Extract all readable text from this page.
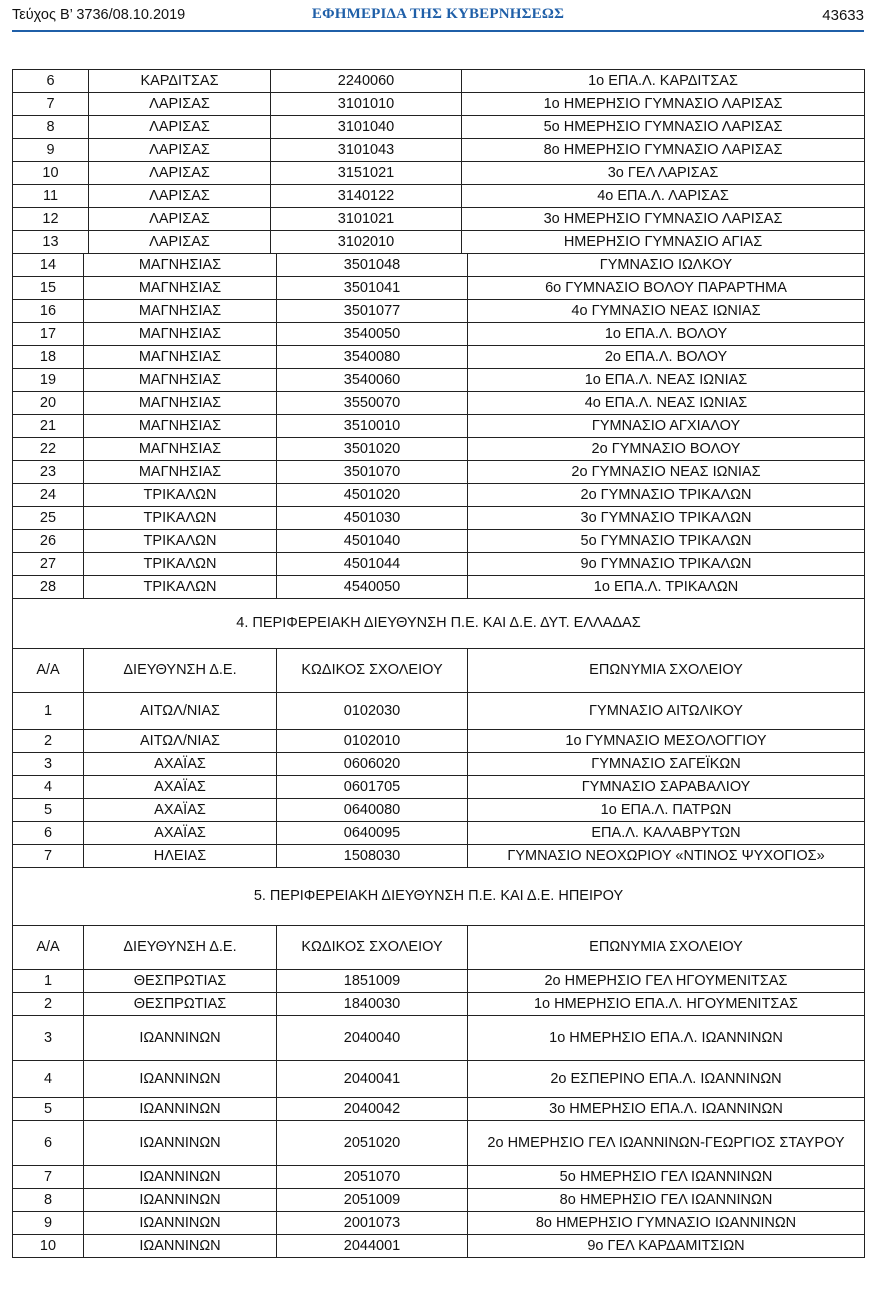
Τεύχος Β’ 3736/08.10.2019	ΕΦΗΜΕΡΙΔΑ ΤΗΣ ΚΥΒΕΡΝΗΣΕΩΣ	43633
6	ΚΑΡΔΙΤΣΑΣ	2240060	1ο ΕΠΑ.Λ. ΚΑΡΔΙΤΣΑΣ
7	ΛΑΡΙΣΑΣ	3101010	1ο ΗΜΕΡΗΣΙΟ ΓΥΜΝΑΣΙΟ ΛΑΡΙΣΑΣ
8	ΛΑΡΙΣΑΣ	3101040	5ο ΗΜΕΡΗΣΙΟ ΓΥΜΝΑΣΙΟ ΛΑΡΙΣΑΣ
9	ΛΑΡΙΣΑΣ	3101043	8ο ΗΜΕΡΗΣΙΟ ΓΥΜΝΑΣΙΟ ΛΑΡΙΣΑΣ
10	ΛΑΡΙΣΑΣ	3151021	3ο ΓΕΛ ΛΑΡΙΣΑΣ
11	ΛΑΡΙΣΑΣ	3140122	4ο ΕΠΑ.Λ. ΛΑΡΙΣΑΣ
12	ΛΑΡΙΣΑΣ	3101021	3ο ΗΜΕΡΗΣΙΟ ΓΥΜΝΑΣΙΟ ΛΑΡΙΣΑΣ
13	ΛΑΡΙΣΑΣ	3102010	ΗΜΕΡΗΣΙΟ ΓΥΜΝΑΣΙΟ ΑΓΙΑΣ
14	ΜΑΓΝΗΣΙΑΣ	3501048	ΓΥΜΝΑΣΙΟ ΙΩΛΚΟΥ
15	ΜΑΓΝΗΣΙΑΣ	3501041	6ο ΓΥΜΝΑΣΙΟ ΒΟΛΟΥ ΠΑΡΑΡΤΗΜΑ
16	ΜΑΓΝΗΣΙΑΣ	3501077	4ο ΓΥΜΝΑΣΙΟ ΝΕΑΣ ΙΩΝΙΑΣ
17	ΜΑΓΝΗΣΙΑΣ	3540050	1ο ΕΠΑ.Λ. ΒΟΛΟΥ
18	ΜΑΓΝΗΣΙΑΣ	3540080	2ο ΕΠΑ.Λ. ΒΟΛΟΥ
19	ΜΑΓΝΗΣΙΑΣ	3540060	1ο ΕΠΑ.Λ. ΝΕΑΣ ΙΩΝΙΑΣ
20	ΜΑΓΝΗΣΙΑΣ	3550070	4ο ΕΠΑ.Λ. ΝΕΑΣ ΙΩΝΙΑΣ
21	ΜΑΓΝΗΣΙΑΣ	3510010	ΓΥΜΝΑΣΙΟ ΑΓΧΙΑΛΟΥ
22	ΜΑΓΝΗΣΙΑΣ	3501020	2ο ΓΥΜΝΑΣΙΟ ΒΟΛΟΥ
23	ΜΑΓΝΗΣΙΑΣ	3501070	2ο ΓΥΜΝΑΣΙΟ ΝΕΑΣ ΙΩΝΙΑΣ
24	ΤΡΙΚΑΛΩΝ	4501020	2ο ΓΥΜΝΑΣΙΟ ΤΡΙΚΑΛΩΝ
25	ΤΡΙΚΑΛΩΝ	4501030	3ο ΓΥΜΝΑΣΙΟ ΤΡΙΚΑΛΩΝ
26	ΤΡΙΚΑΛΩΝ	4501040	5ο ΓΥΜΝΑΣΙΟ ΤΡΙΚΑΛΩΝ
27	ΤΡΙΚΑΛΩΝ	4501044	9ο ΓΥΜΝΑΣΙΟ ΤΡΙΚΑΛΩΝ
28	ΤΡΙΚΑΛΩΝ	4540050	1ο ΕΠΑ.Λ. ΤΡΙΚΑΛΩΝ
4. ΠΕΡΙΦΕΡΕΙΑΚΗ ΔΙΕΥΘΥΝΣΗ Π.Ε. ΚΑΙ Δ.Ε. ΔΥΤ. ΕΛΛΑΔΑΣ			
Α/Α	ΔΙΕΥΘΥΝΣΗ Δ.Ε.	ΚΩΔΙΚΟΣ ΣΧΟΛΕΙΟΥ	ΕΠΩΝΥΜΙΑ ΣΧΟΛΕΙΟΥ
1	ΑΙΤΩΛ/ΝΙΑΣ	0102030	ΓΥΜΝΑΣΙΟ ΑΙΤΩΛΙΚΟΥ
2	ΑΙΤΩΛ/ΝΙΑΣ	0102010	1ο ΓΥΜΝΑΣΙΟ ΜΕΣΟΛΟΓΓΙΟΥ
3	ΑΧΑΪΑΣ	0606020	ΓΥΜΝΑΣΙΟ ΣΑΓΕΪΚΩΝ
4	ΑΧΑΪΑΣ	0601705	ΓΥΜΝΑΣΙΟ ΣΑΡΑΒΑΛΙΟΥ
5	ΑΧΑΪΑΣ	0640080	1ο ΕΠΑ.Λ. ΠΑΤΡΩΝ
6	ΑΧΑΪΑΣ	0640095	ΕΠΑ.Λ. ΚΑΛΑΒΡΥΤΩΝ
7	ΗΛΕΙΑΣ	1508030	ΓΥΜΝΑΣΙΟ ΝΕΟΧΩΡΙΟΥ «ΝΤΙΝΟΣ ΨΥΧΟΓΙΟΣ»
5. ΠΕΡΙΦΕΡΕΙΑΚΗ ΔΙΕΥΘΥΝΣΗ Π.Ε. ΚΑΙ Δ.Ε. ΗΠΕΙΡΟΥ			
Α/Α	ΔΙΕΥΘΥΝΣΗ Δ.Ε.	ΚΩΔΙΚΟΣ ΣΧΟΛΕΙΟΥ	ΕΠΩΝΥΜΙΑ ΣΧΟΛΕΙΟΥ
1	ΘΕΣΠΡΩΤΙΑΣ	1851009	2ο ΗΜΕΡΗΣΙΟ ΓΕΛ ΗΓΟΥΜΕΝΙΤΣΑΣ
2	ΘΕΣΠΡΩΤΙΑΣ	1840030	1ο ΗΜΕΡΗΣΙΟ ΕΠΑ.Λ. ΗΓΟΥΜΕΝΙΤΣΑΣ
3	ΙΩΑΝΝΙΝΩΝ	2040040	1ο ΗΜΕΡΗΣΙΟ ΕΠΑ.Λ. ΙΩΑΝΝΙΝΩΝ
4	ΙΩΑΝΝΙΝΩΝ	2040041	2ο ΕΣΠΕΡΙΝΟ ΕΠΑ.Λ. ΙΩΑΝΝΙΝΩΝ
5	ΙΩΑΝΝΙΝΩΝ	2040042	3ο ΗΜΕΡΗΣΙΟ ΕΠΑ.Λ. ΙΩΑΝΝΙΝΩΝ
6	ΙΩΑΝΝΙΝΩΝ	2051020	2ο ΗΜΕΡΗΣΙΟ ΓΕΛ ΙΩΑΝΝΙΝΩΝ-ΓΕΩΡΓΙΟΣ ΣΤΑΥΡΟΥ
7	ΙΩΑΝΝΙΝΩΝ	2051070	5ο ΗΜΕΡΗΣΙΟ ΓΕΛ ΙΩΑΝΝΙΝΩΝ
8	ΙΩΑΝΝΙΝΩΝ	2051009	8ο ΗΜΕΡΗΣΙΟ ΓΕΛ ΙΩΑΝΝΙΝΩΝ
9	ΙΩΑΝΝΙΝΩΝ	2001073	8ο ΗΜΕΡΗΣΙΟ ΓΥΜΝΑΣΙΟ ΙΩΑΝΝΙΝΩΝ
10	ΙΩΑΝΝΙΝΩΝ	2044001	9ο ΓΕΛ ΚΑΡΔΑΜΙΤΣΙΩΝ
